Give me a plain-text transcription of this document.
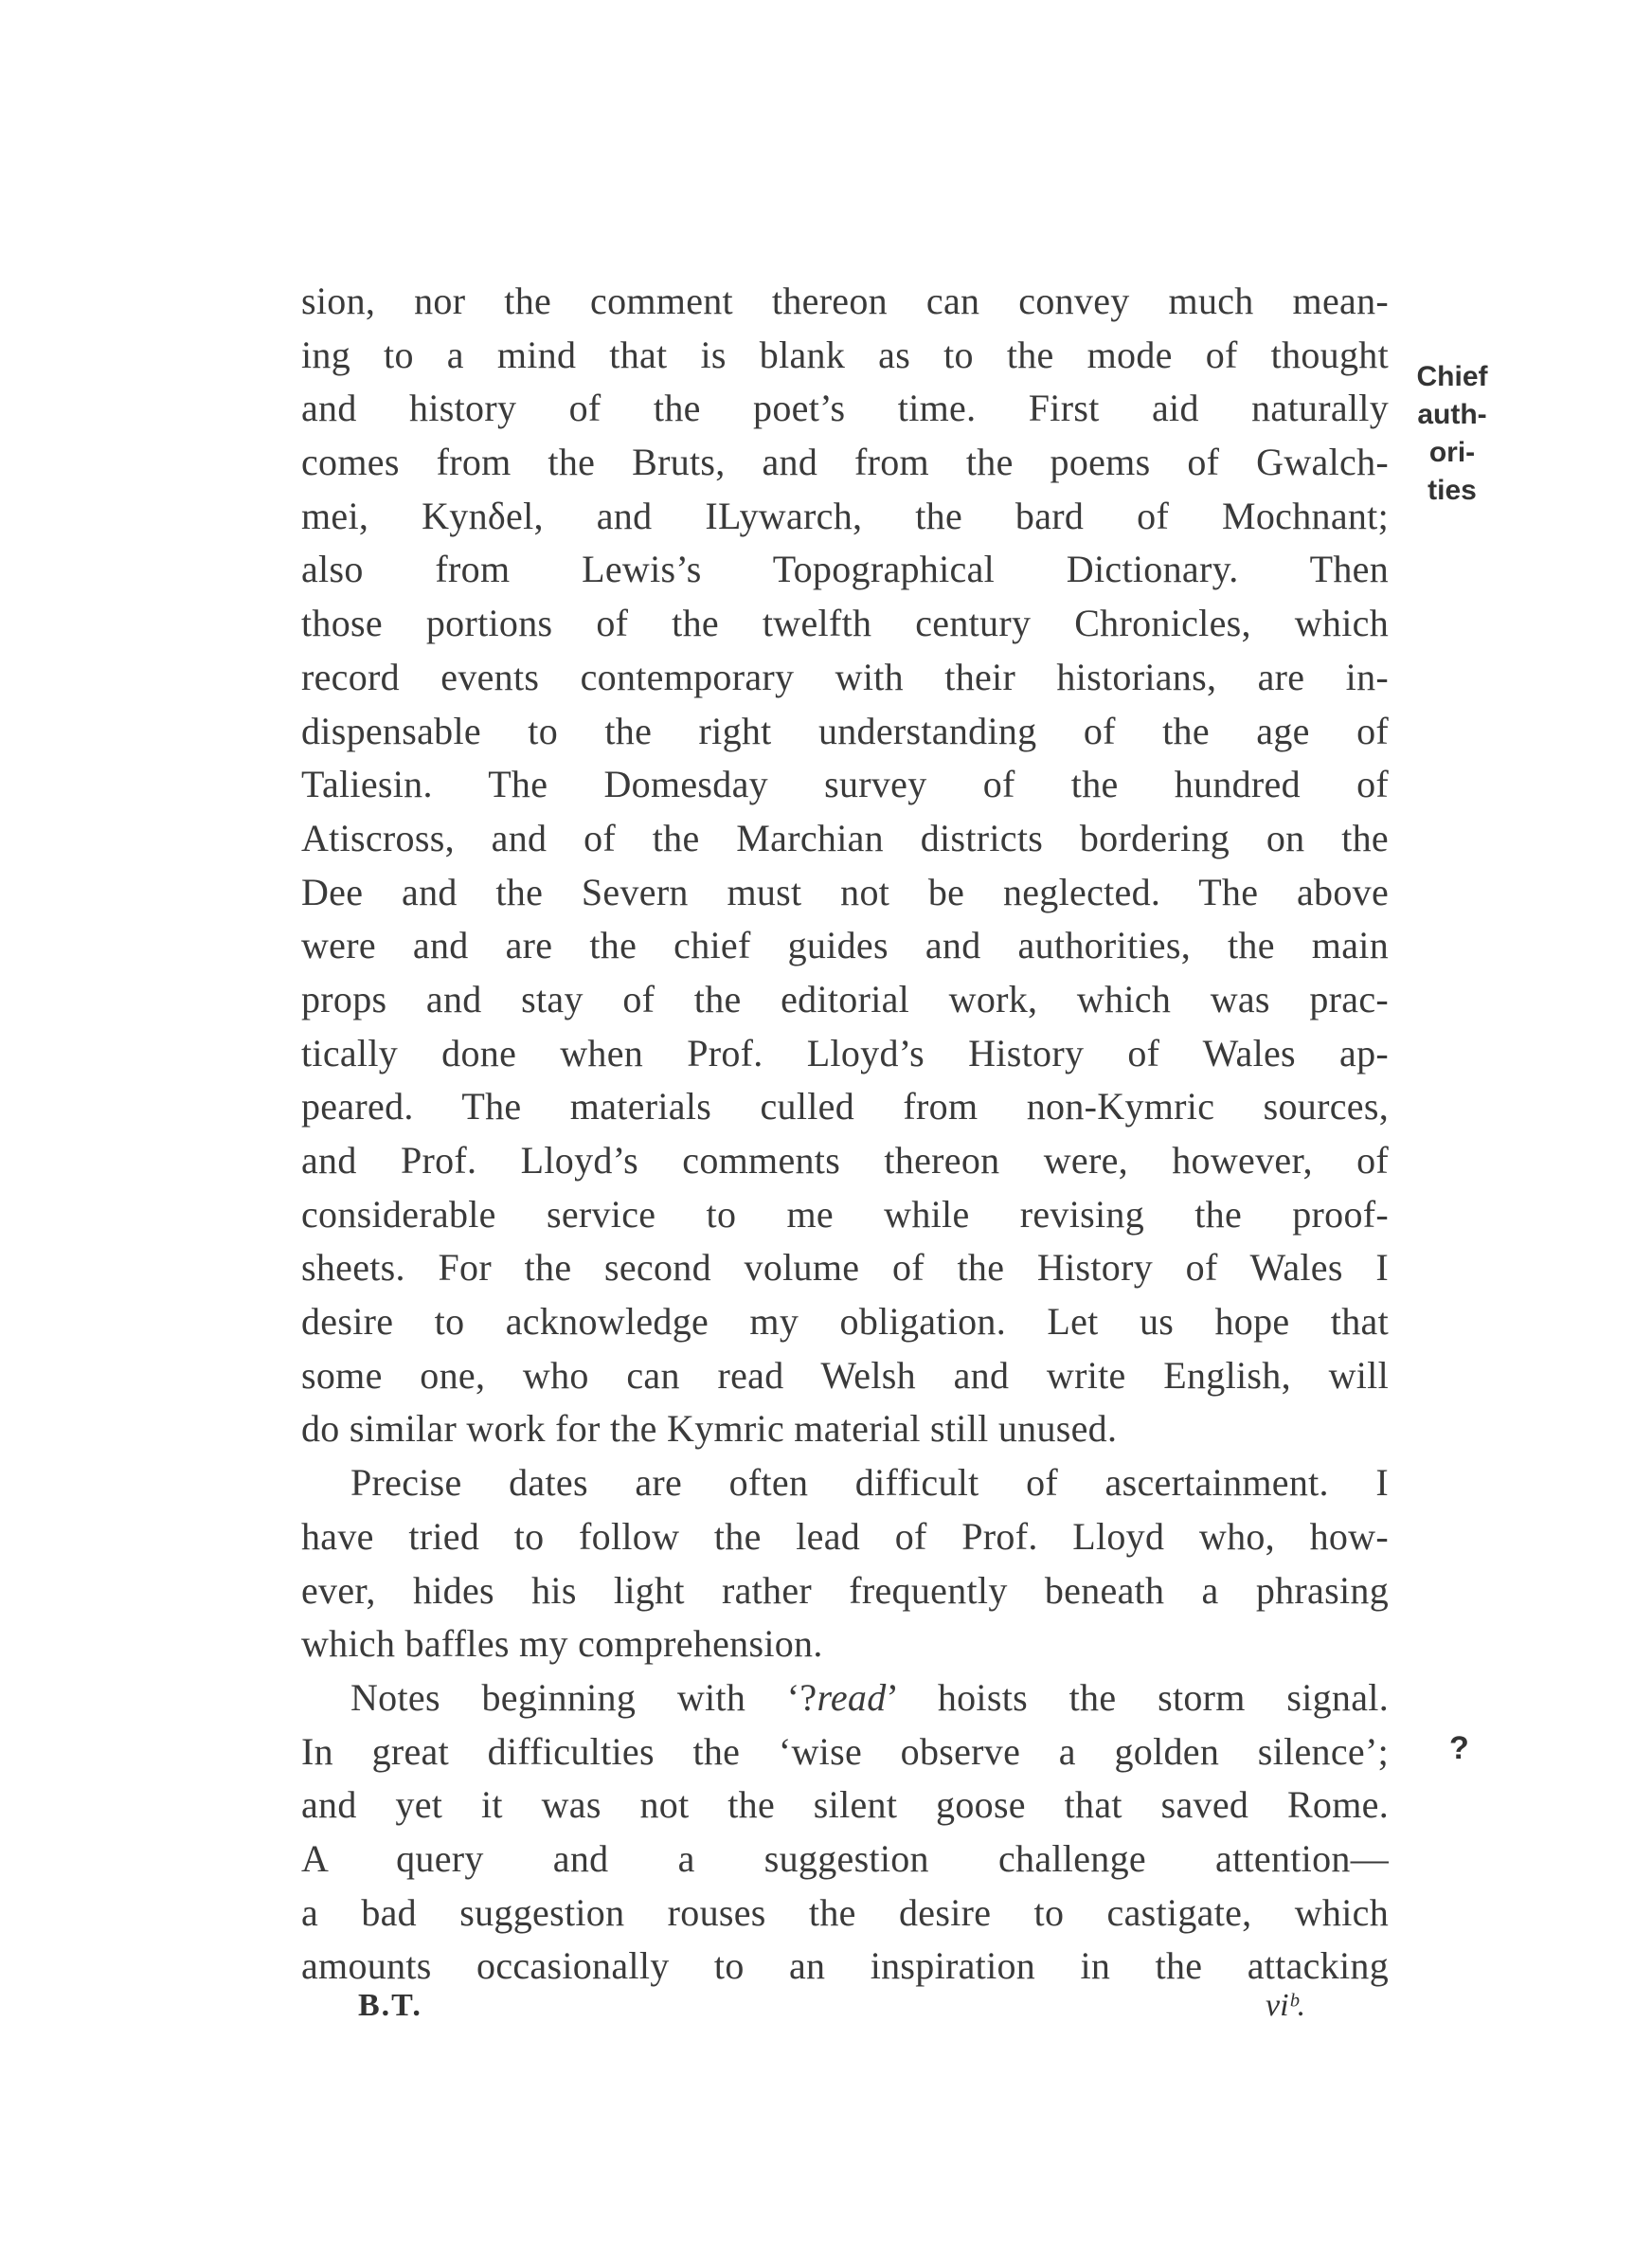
sion, nor the comment thereon can convey much mean-
ing to a mind that is blank as to the mode of thought
and history of the poet’s time. First aid naturally
comes from the Bruts, and from the poems of Gwalch-
mei, Kynδel, and ILywarch, the bard of Mochnant;
also from Lewis’s Topographical Dictionary. Then
those portions of the twelfth century Chronicles, which
record events contemporary with their historians, are in-
dispensable to the right understanding of the age of
Taliesin. The Domesday survey of the hundred of
Atiscross, and of the Marchian districts bordering on the
Dee and the Severn must not be neglected. The above
were and are the chief guides and authorities, the main
props and stay of the editorial work, which was prac-
tically done when Prof. Lloyd’s History of Wales ap-
peared. The materials culled from non-Kymric sources,
and Prof. Lloyd’s comments thereon were, however, of
considerable service to me while revising the proof-
sheets. For the second volume of the History of Wales I
desire to acknowledge my obligation. Let us hope that
some one, who can read Welsh and write English, will
do similar work for the Kymric material still unused.
Precise dates are often difficult of ascertainment. I
have tried to follow the lead of Prof. Lloyd who, how-
ever, hides his light rather frequently beneath a phrasing
which baffles my comprehension.
Notes beginning with ‘?read’ hoists the storm signal.
In great difficulties the ‘wise observe a golden silence’;
and yet it was not the silent goose that saved Rome.
A query and a suggestion challenge attention—
a bad suggestion rouses the desire to castigate, which
amounts occasionally to an inspiration in the attacking
Chief
auth-
ori-
ties
?
B.T.	viᵇ.
